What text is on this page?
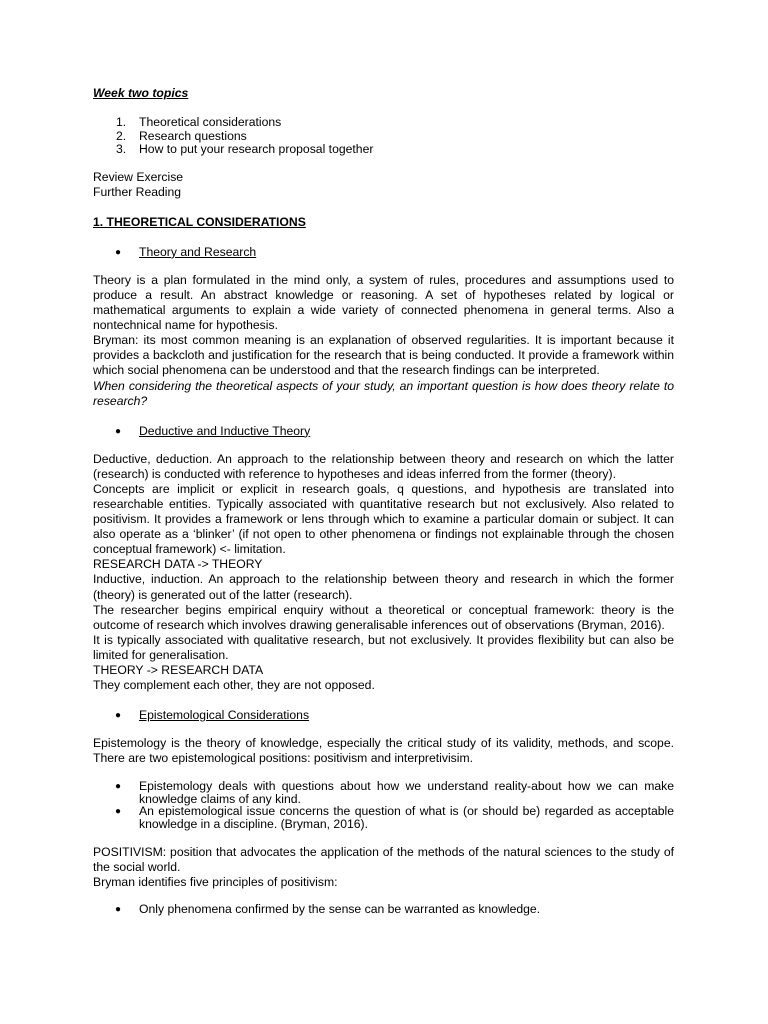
Week two topics

1. Theoretical considerations
2. Research questions
3. How to put your research proposal together

Review Exercise

Further Reading

1. THEORETICAL CONSIDERATIONS

● Theory and Research

Theory is a plan formulated in the mind only, a system of rules, procedures and assumptions used to produce a result. An abstract knowledge or reasoning. A set of hypotheses related by logical or mathematical arguments to explain a wide variety of connected phenomena in general terms. Also a nontechnical name for hypothesis.

Bryman: its most common meaning is an explanation of observed regularities. It is important because it provides a backcloth and justification for the research that is being conducted. It provide a framework within which social phenomena can be understood and that the research findings can be interpreted.

When considering the theoretical aspects of your study, an important question is how does theory relate to research?

● Deductive and Inductive Theory

Deductive, deduction. An approach to the relationship between theory and research on which the latter (research) is conducted with reference to hypotheses and ideas inferred from the former (theory).

Concepts are implicit or explicit in research goals, q questions, and hypothesis are translated into researchable entities. Typically associated with quantitative research but not exclusively. Also related to positivism. It provides a framework or lens through which to examine a particular domain or subject. It can also operate as a ‘blinker’ (if not open to other phenomena or findings not explainable through the chosen conceptual framework) <- limitation.

RESEARCH DATA -> THEORY

Inductive, induction. An approach to the relationship between theory and research in which the former (theory) is generated out of the latter (research).

The researcher begins empirical enquiry without a theoretical or conceptual framework: theory is the outcome of research which involves drawing generalisable inferences out of observations (Bryman, 2016).

It is typically associated with qualitative research, but not exclusively. It provides flexibility but can also be limited for generalisation.

THEORY -> RESEARCH DATA

They complement each other, they are not opposed.

● Epistemological Considerations

Epistemology is the theory of knowledge, especially the critical study of its validity, methods, and scope. There are two epistemological positions: positivism and interpretivisim.

● Epistemology deals with questions about how we understand reality-about how we can make knowledge claims of any kind.
● An epistemological issue concerns the question of what is (or should be) regarded as acceptable knowledge in a discipline. (Bryman, 2016).

POSITIVISM: position that advocates the application of the methods of the natural sciences to the study of the social world.

Bryman identifies five principles of positivism:

● Only phenomena confirmed by the sense can be warranted as knowledge.
